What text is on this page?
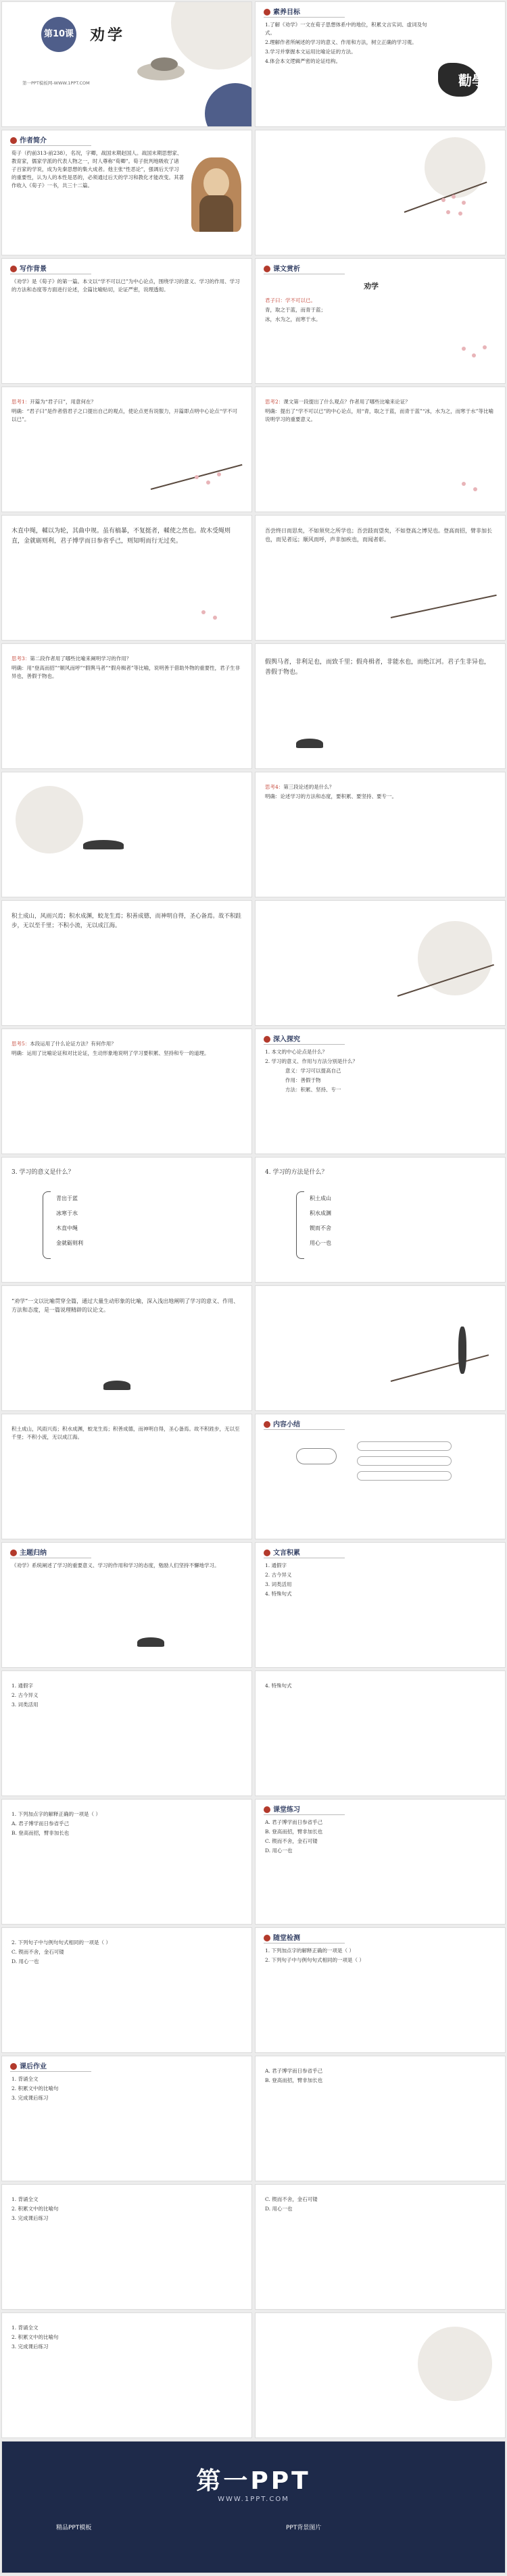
第10课 劝学
第一PPT模板网-WWW.1PPT.COM
素养目标

1.了解《劝学》一文在荀子思想体系中的地位，积累文言实词、虚词及句式。

2.理解作者所阐述的学习的意义、作用和方法，树立正确的学习观。

3.学习并掌握本文运用比喻论证的方法。

4.体会本文逻辑严密的论证结构。

勸學
作者简介
荀子（约前313-前238），名况，字卿，战国末期赵国人。战国末期思想家、教育家，儒家学派的代表人物之一，时人尊称“荀卿”。荀子批判地吸收了诸子百家的学说，成为先秦思想的集大成者。他主张“性恶论”，强调后天学习的重要性，认为人的本性是恶的，必须通过后天的学习和教化才能改变。其著作收入《荀子》一书，共三十二篇。
写作背景
《劝学》是《荀子》的第一篇。本文以“学不可以已”为中心论点，围绕学习的意义、学习的作用、学习的方法和态度等方面进行论述，全篇比喻贴切，论证严密，说理透彻。
课文赏析
劝学

君子曰：学不可以已。

青，取之于蓝，而青于蓝；

冰，水为之，而寒于水。

思考1：开篇为“君子曰”，用意何在？

明确：“君子曰”是作者借君子之口提出自己的观点，使论点更有说服力，开篇即点明中心论点“学不可以已”。

思考2：课文第一段提出了什么观点？作者用了哪些比喻来论证？

明确：提出了“学不可以已”的中心论点，用“青，取之于蓝，而青于蓝”“冰，水为之，而寒于水”等比喻说明学习的重要意义。

木直中绳，輮以为轮，其曲中规。虽有槁暴，不复挺者，輮使之然也。故木受绳则直，金就砺则利，君子博学而日参省乎己，则知明而行无过矣。
吾尝终日而思矣，不如须臾之所学也；吾尝跂而望矣，不如登高之博见也。登高而招，臂非加长也，而见者远；顺风而呼，声非加疾也，而闻者彰。

思考3：第二段作者用了哪些比喻来阐明学习的作用？

明确：用“登高而招”“顺风而呼”“假舆马者”“假舟楫者”等比喻，说明善于借助外物的重要性，君子生非异也，善假于物也。

假舆马者，非利足也，而致千里；假舟楫者，非能水也，而绝江河。君子生非异也，善假于物也。

思考4：第三段论述的是什么？

明确：论述学习的方法和态度，要积累、要坚持、要专一。

积土成山，风雨兴焉；积水成渊，蛟龙生焉；积善成德，而神明自得，圣心备焉。故不积跬步，无以至千里；不积小流，无以成江海。

思考5：本段运用了什么论证方法？有何作用？

明确：运用了比喻论证和对比论证，生动形象地说明了学习要积累、坚持和专一的道理。

深入探究

1. 本文的中心论点是什么？

2. 学习的意义、作用与方法分别是什么？

意义：学习可以提高自己

作用：善假于物

方法：积累、坚持、专一

3. 学习的意义是什么？
青出于蓝
冰寒于水
木直中绳
金就砺则利
4. 学习的方法是什么？
积土成山
积水成渊
锲而不舍
用心一也
“劝学”一文以比喻贯穿全篇，通过大量生动形象的比喻，深入浅出地阐明了学习的意义、作用、方法和态度，是一篇说理精辟的议论文。
积土成山，风雨兴焉；积水成渊，蛟龙生焉；积善成德，而神明自得，圣心备焉。故不积跬步，无以至千里；不积小流，无以成江海。
内容小结
主题归纳
《劝学》系统阐述了学习的重要意义、学习的作用和学习的态度，勉励人们坚持不懈地学习。
文言积累

1. 通假字

2. 古今异义

3. 词类活用

4. 特殊句式

1. 通假字

2. 古今异义

3. 词类活用

4. 特殊句式

1. 下列加点字的解释正确的一项是（ ）

A. 君子博学而日参省乎己

B. 登高而招，臂非加长也

课堂练习

A. 君子博学而日参省乎己

B. 登高而招，臂非加长也

C. 锲而不舍，金石可镂

D. 用心一也

2. 下列句子中与例句句式相同的一项是（ ）

C. 锲而不舍，金石可镂

D. 用心一也

随堂检测

1. 下列加点字的解释正确的一项是（ ）

2. 下列句子中与例句句式相同的一项是（ ）

课后作业

1. 背诵全文

2. 积累文中的比喻句

3. 完成课后练习

A. 君子博学而日参省乎己

B. 登高而招，臂非加长也

1. 背诵全文

2. 积累文中的比喻句

3. 完成课后练习

C. 锲而不舍，金石可镂

D. 用心一也

1. 背诵全文

2. 积累文中的比喻句

3. 完成课后练习

第一PPT
WWW.1PPT.COM
精品PPT模板	PPT背景图片
